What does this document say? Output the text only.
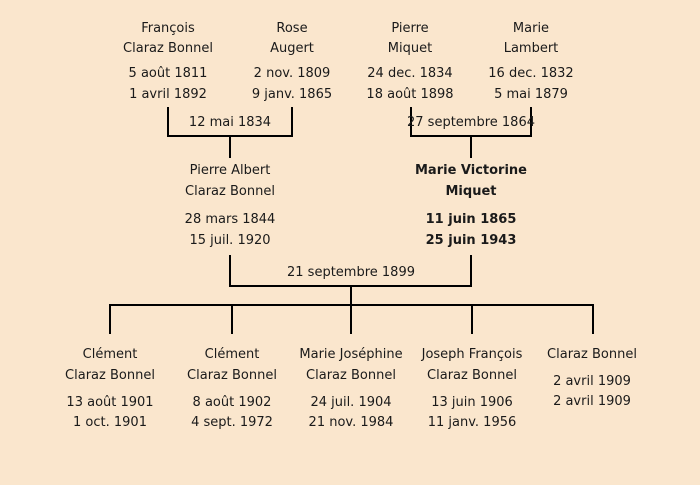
François
Claraz Bonnel
5 août 1811
1 avril 1892
Rose
Augert
2 nov. 1809
9 janv. 1865
Pierre
Miquet
24 dec. 1834
18 août 1898
Marie
Lambert
16 dec. 1832
5 mai 1879
12 mai 1834	27 septembre 1864
Pierre Albert
Claraz Bonnel
28 mars 1844
15 juil. 1920
Marie Victorine
Miquet
11 juin 1865
25 juin 1943
21 septembre 1899
Clément
Claraz Bonnel
13 août 1901
1 oct. 1901
Clément
Claraz Bonnel
8 août 1902
4 sept. 1972
Marie Joséphine
Claraz Bonnel
24 juil. 1904
21 nov. 1984
Joseph François
Claraz Bonnel
13 juin 1906
11 janv. 1956
Claraz Bonnel
2 avril 1909
2 avril 1909
